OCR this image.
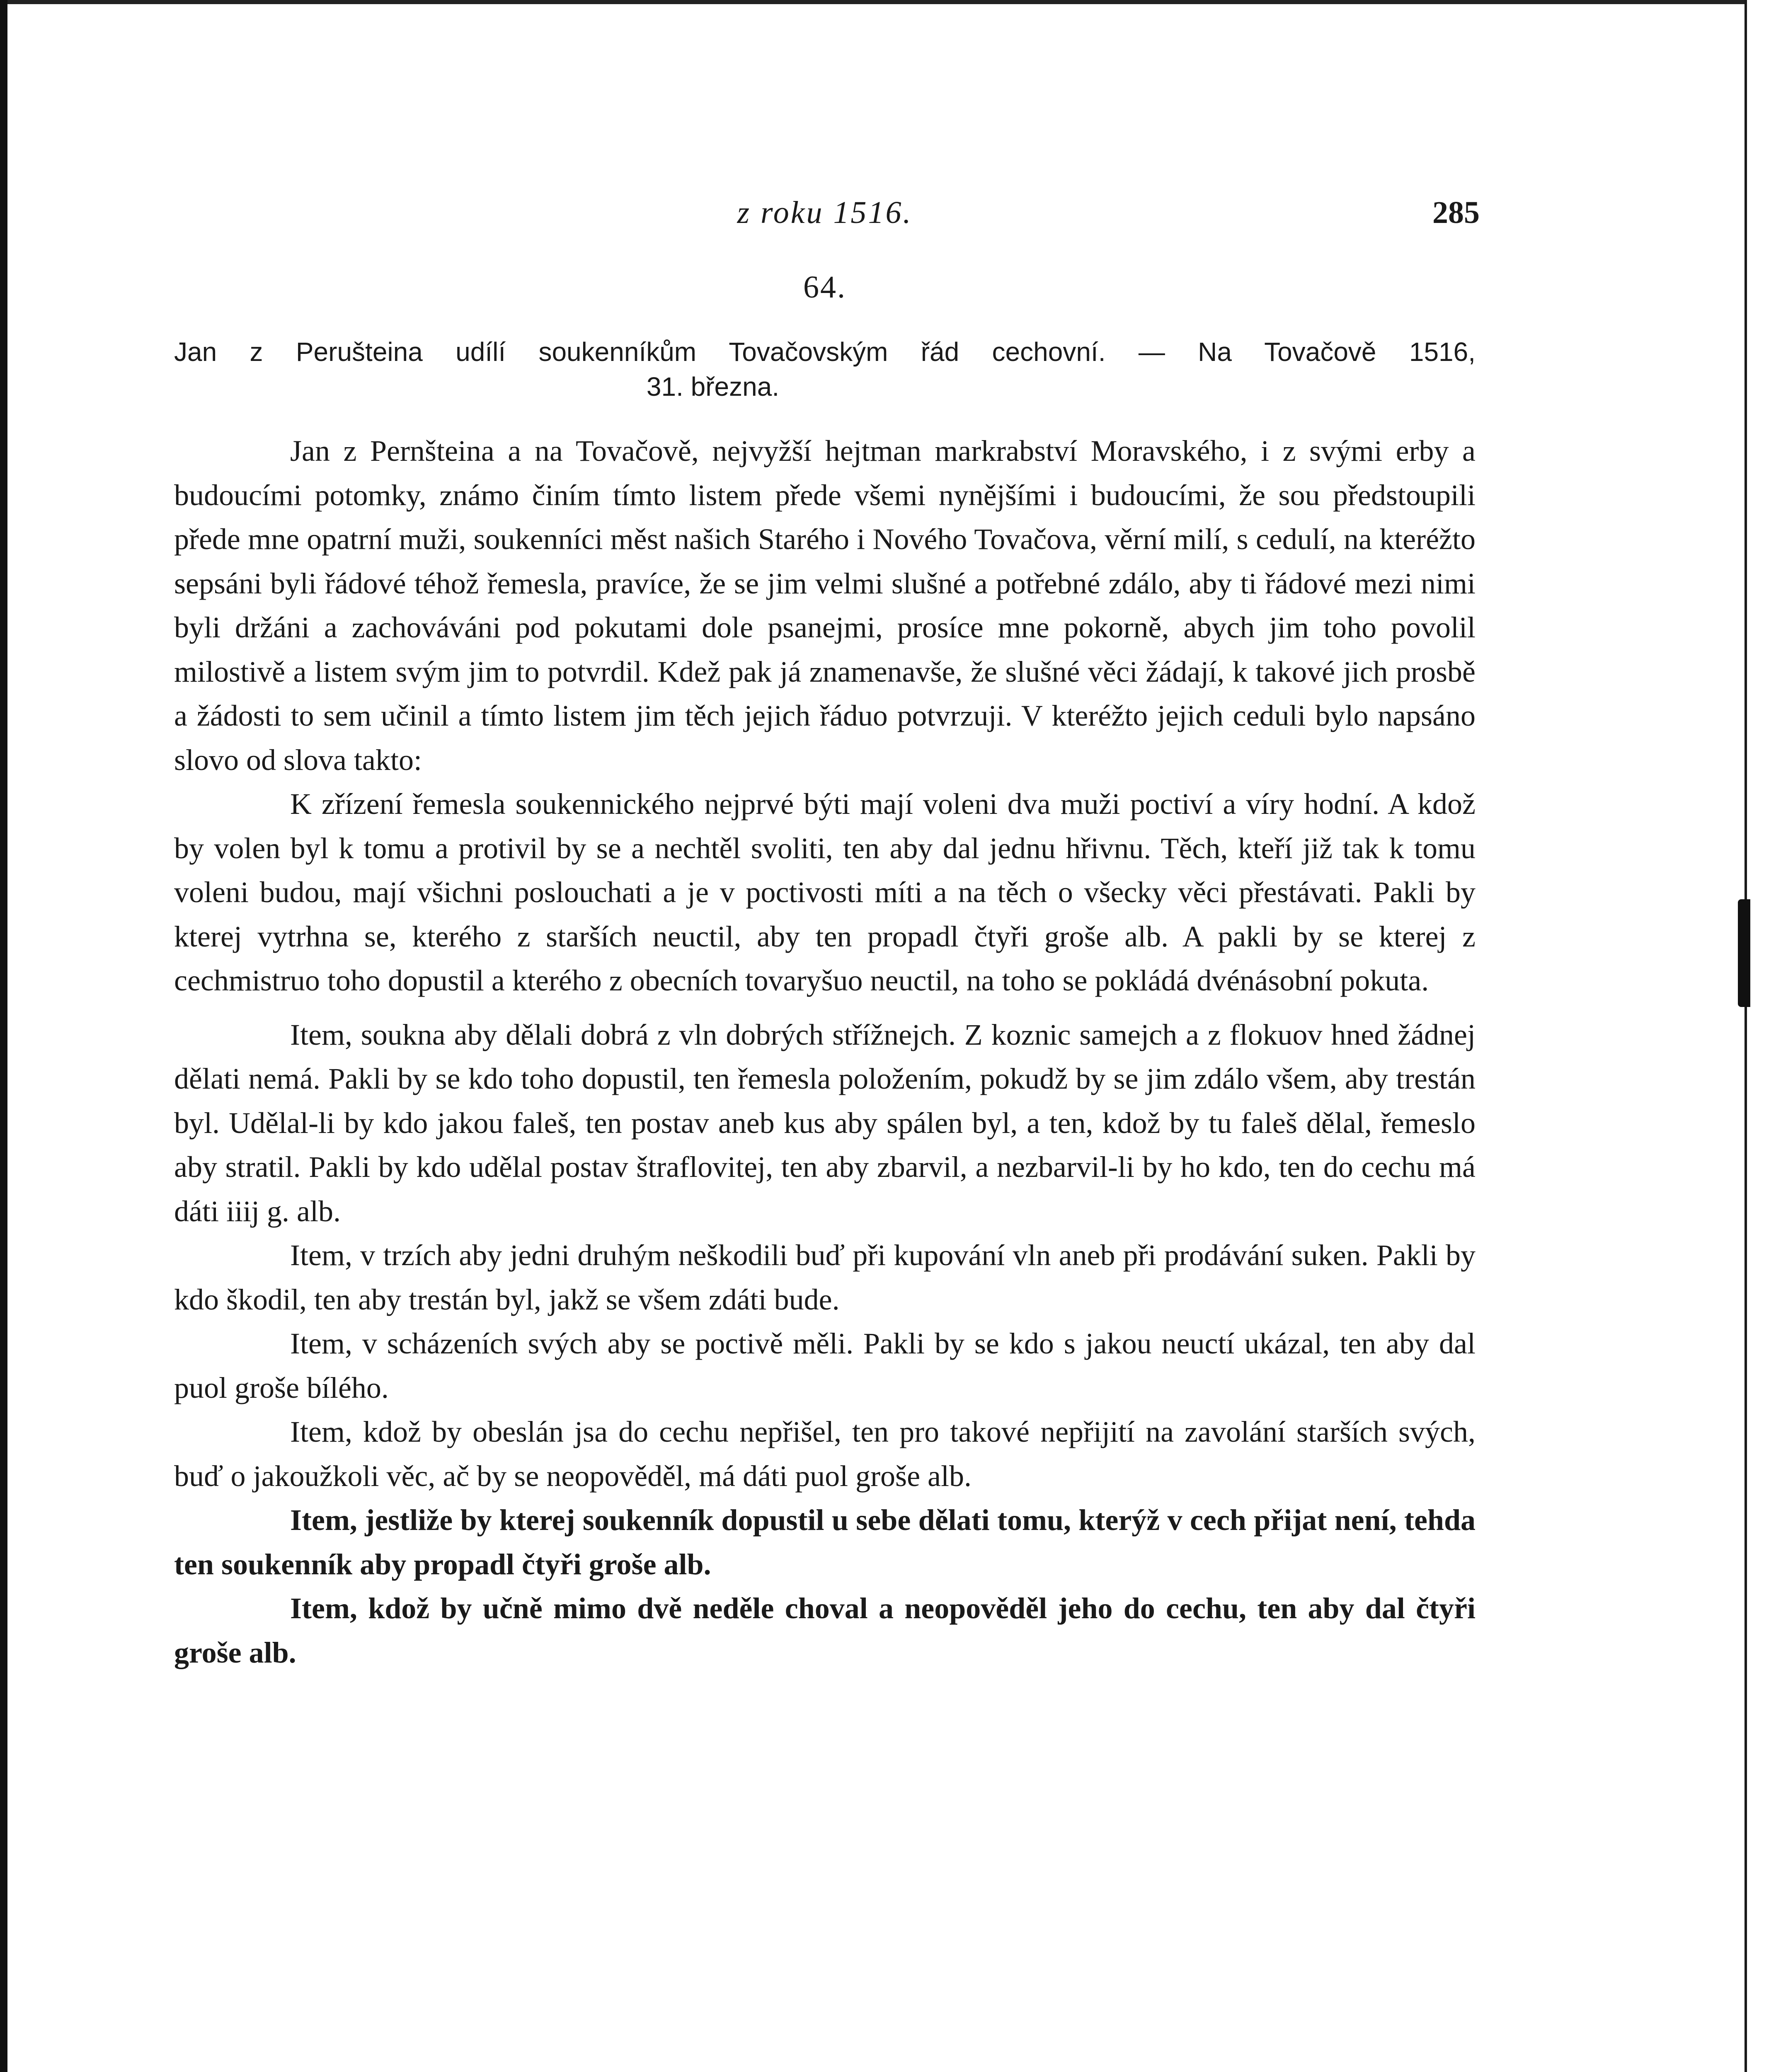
z roku 1516.	285
64.
Jan z Perušteina udílí soukenníkům Tovačovským řád cechovní. — Na Tovačově 1516,
31. března.

Jan z Pernšteina a na Tovačově, nejvyžší hejtman markrabství Moravského, i z svými erby a budoucími potomky, známo činím tímto listem přede všemi nynějšími i budoucími, že sou předstoupili přede mne opatrní muži, soukenníci měst našich Starého i Nového Tovačova, věrní milí, s cedulí, na kteréžto sepsáni byli řádové téhož řemesla, pravíce, že se jim velmi slušné a potřebné zdálo, aby ti řádové mezi nimi byli držáni a zachováváni pod pokutami dole psanejmi, prosíce mne pokorně, abych jim toho povolil milostivě a listem svým jim to potvrdil. Kdež pak já znamenavše, že slušné věci žádají, k takové jich prosbě a žádosti to sem učinil a tímto listem jim těch jejich řáduo potvrzuji. V kteréžto jejich ceduli bylo napsáno slovo od slova takto:

K zřízení řemesla soukennického nejprvé býti mají voleni dva muži poctiví a víry hodní. A kdož by volen byl k tomu a protivil by se a nechtěl svoliti, ten aby dal jednu hřivnu. Těch, kteří již tak k tomu voleni budou, mají všichni poslouchati a je v poctivosti míti a na těch o všecky věci přestávati. Pakli by kterej vytrhna se, kterého z starších neuctil, aby ten propadl čtyři groše alb. A pakli by se kterej z cechmistruo toho dopustil a kterého z obecních tovaryšuo neuctil, na toho se pokládá dvénásobní pokuta.

Item, soukna aby dělali dobrá z vln dobrých střížnejch. Z koznic samejch a z flokuov hned žádnej dělati nemá. Pakli by se kdo toho dopustil, ten řemesla položením, pokudž by se jim zdálo všem, aby trestán byl. Udělal-li by kdo jakou faleš, ten postav aneb kus aby spálen byl, a ten, kdož by tu faleš dělal, řemeslo aby stratil. Pakli by kdo udělal postav štraflovitej, ten aby zbarvil, a nezbarvil-li by ho kdo, ten do cechu má dáti iiij g. alb.

Item, v trzích aby jedni druhým neškodili buď při kupování vln aneb při prodávání suken. Pakli by kdo škodil, ten aby trestán byl, jakž se všem zdáti bude.

Item, v scházeních svých aby se poctivě měli. Pakli by se kdo s jakou neuctí ukázal, ten aby dal puol groše bílého.

Item, kdož by obeslán jsa do cechu nepřišel, ten pro takové nepřijití na zavolání starších svých, buď o jakoužkoli věc, ač by se neopověděl, má dáti puol groše alb.

Item, jestliže by kterej soukenník dopustil u sebe dělati tomu, kterýž v cech přijat není, tehda ten soukenník aby propadl čtyři groše alb.

Item, kdož by učně mimo dvě neděle choval a neopověděl jeho do cechu, ten aby dal čtyři groše alb.
